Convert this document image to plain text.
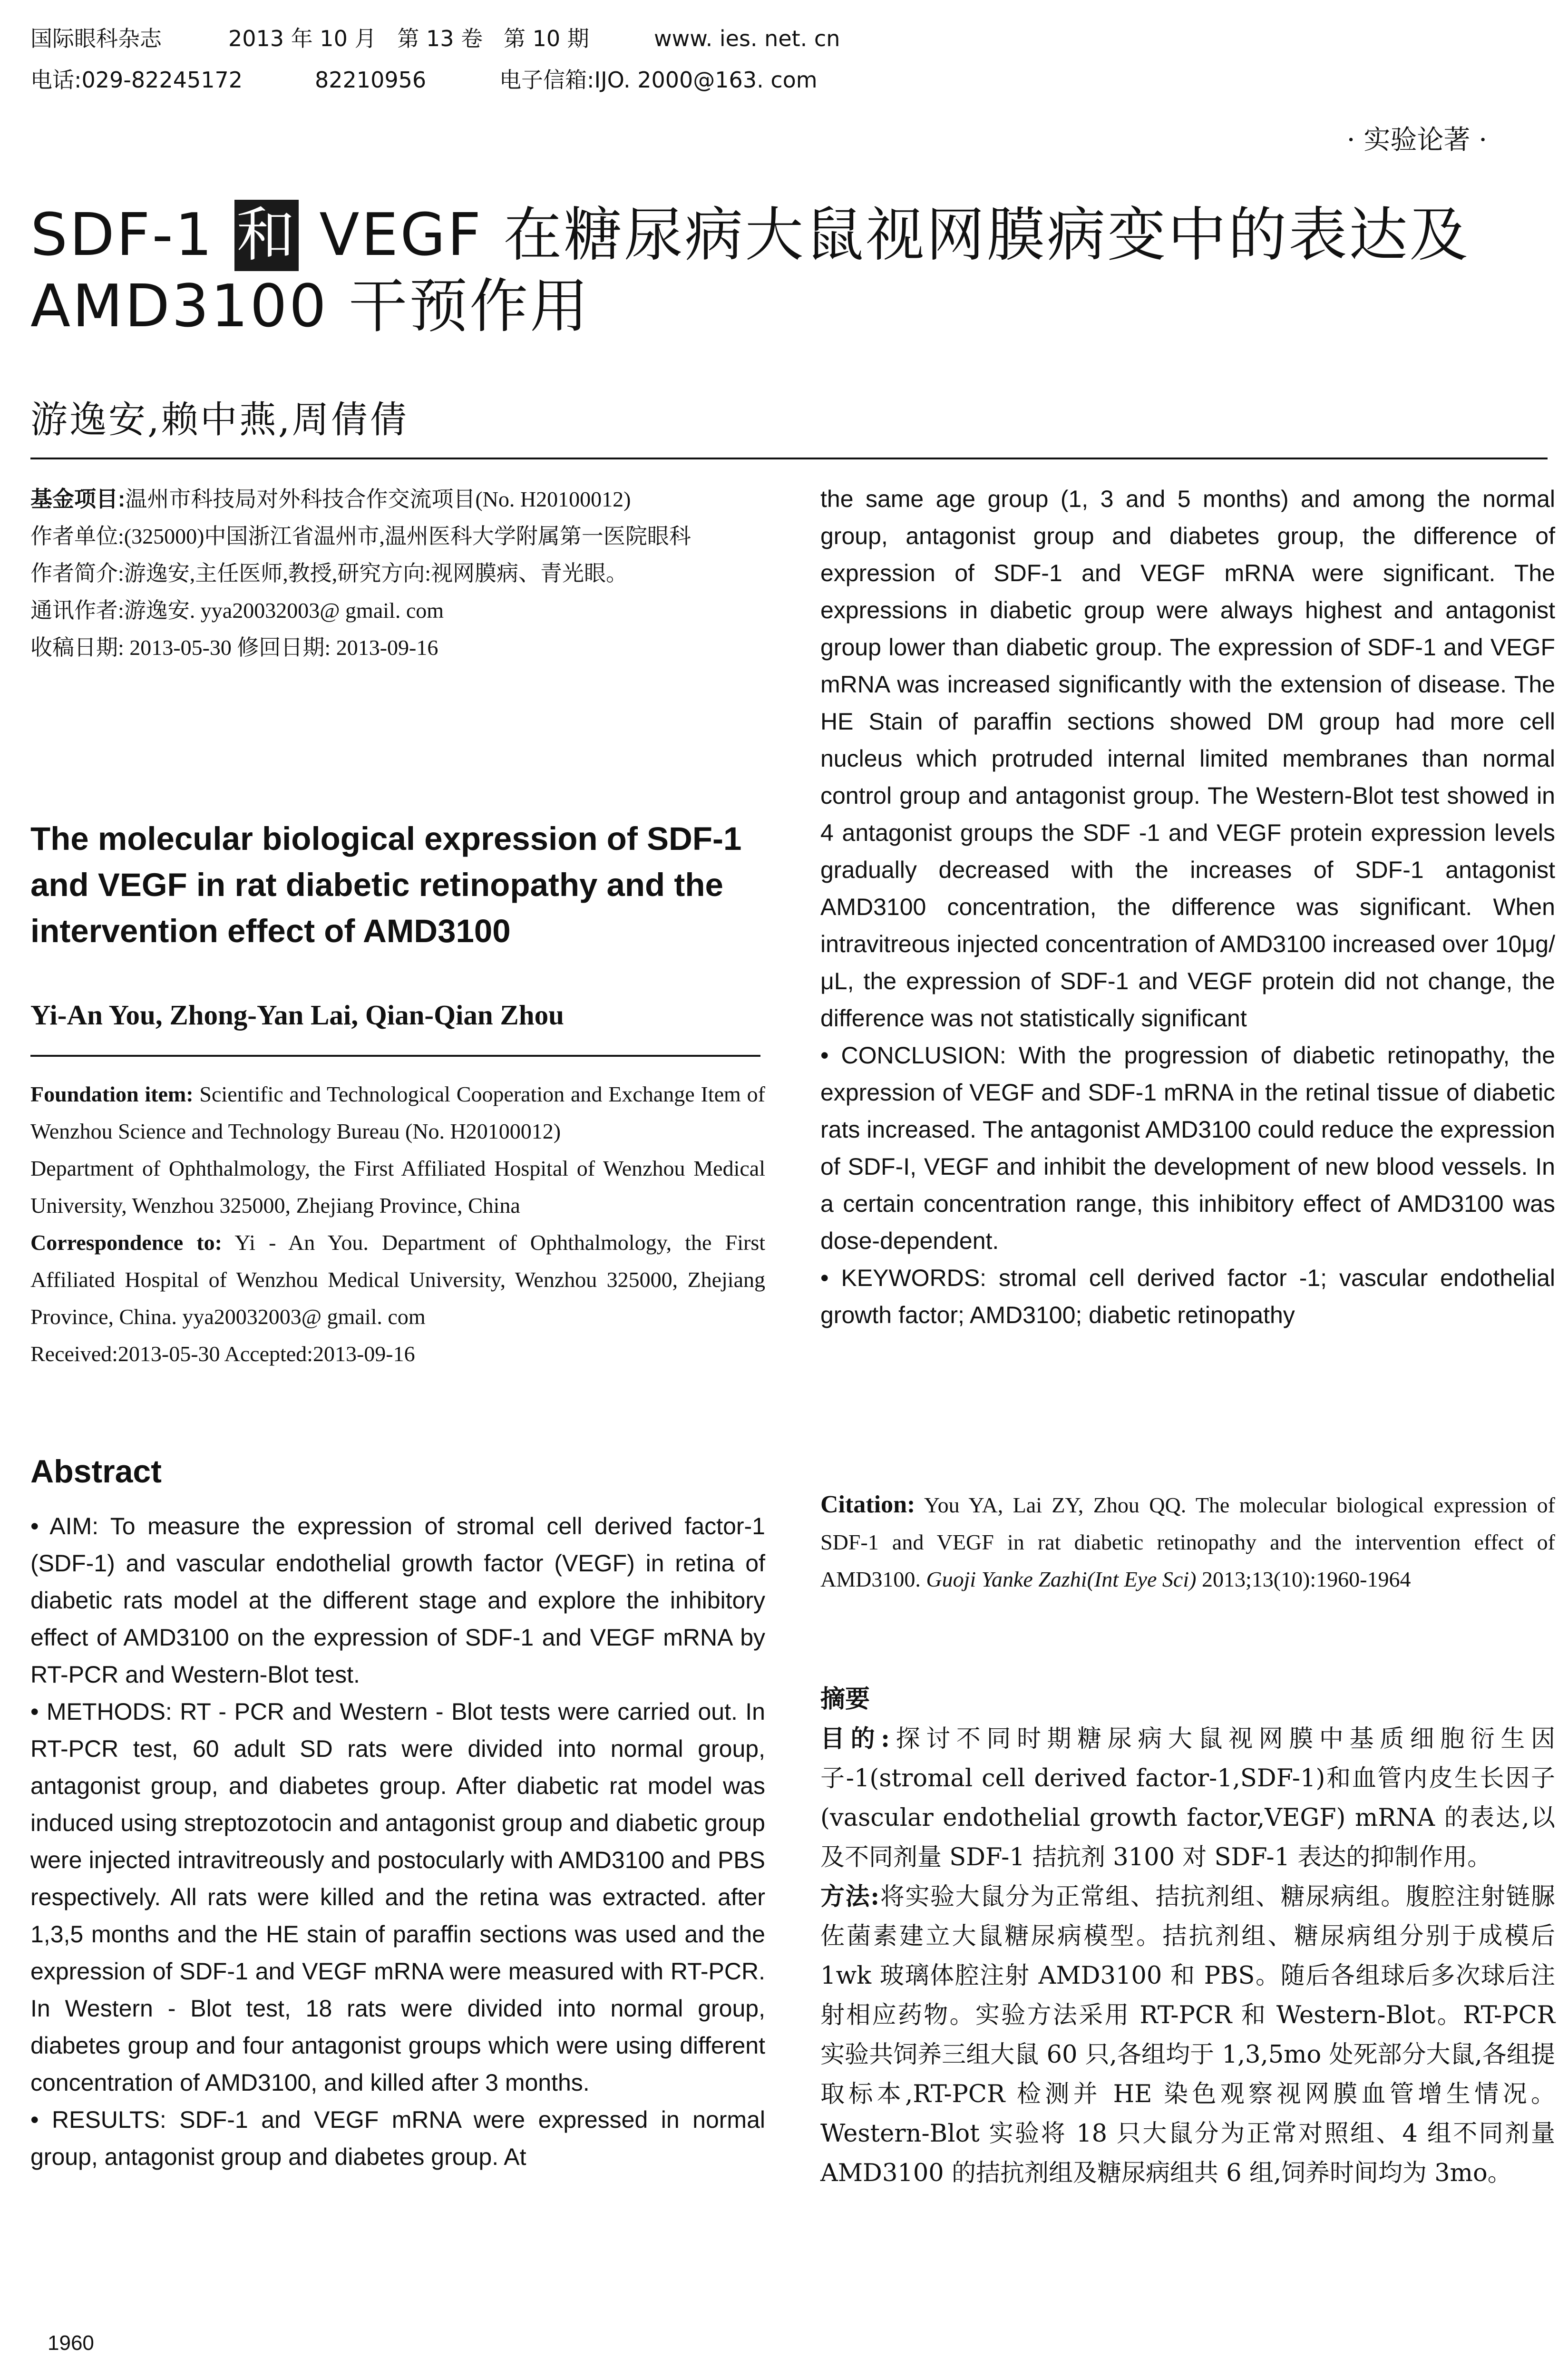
国际眼科杂志	2013 年 10 月   第 13 卷   第 10 期	www. ies. net. cn
电话:029-82245172	82210956	电子信箱:IJO. 2000@163. com
· 实验论著 ·
SDF-1 和 VEGF 在糖尿病大鼠视网膜病变中的表达及
AMD3100 干预作用
游逸安,赖中燕,周倩倩

基金项目:温州市科技局对外科技合作交流项目(No. H20100012)

作者单位:(325000)中国浙江省温州市,温州医科大学附属第一医院眼科

作者简介:游逸安,主任医师,教授,研究方向:视网膜病、青光眼。

通讯作者:游逸安. yya20032003@ gmail. com

收稿日期: 2013-05-30 修回日期: 2013-09-16

The molecular biological expression of SDF-1 and VEGF in rat diabetic retinopathy and the intervention effect of AMD3100
Yi-An You, Zhong-Yan Lai, Qian-Qian Zhou

Foundation item: Scientific and Technological Cooperation and Exchange Item of Wenzhou Science and Technology Bureau (No. H20100012)

Department of Ophthalmology, the First Affiliated Hospital of Wenzhou Medical University, Wenzhou 325000, Zhejiang Province, China

Correspondence to: Yi - An You. Department of Ophthalmology, the First Affiliated Hospital of Wenzhou Medical University, Wenzhou 325000, Zhejiang Province, China. yya20032003@ gmail. com

Received:2013-05-30 Accepted:2013-09-16

Abstract

• AIM: To measure the expression of stromal cell derived factor-1 (SDF-1) and vascular endothelial growth factor (VEGF) in retina of diabetic rats model at the different stage and explore the inhibitory effect of AMD3100 on the expression of SDF-1 and VEGF mRNA by RT-PCR and Western-Blot test.

• METHODS: RT - PCR and Western - Blot tests were carried out. In RT-PCR test, 60 adult SD rats were divided into normal group, antagonist group, and diabetes group. After diabetic rat model was induced using streptozotocin and antagonist group and diabetic group were injected intravitreously and postocularly with AMD3100 and PBS respectively. All rats were killed and the retina was extracted. after 1,3,5 months and the HE stain of paraffin sections was used and the expression of SDF-1 and VEGF mRNA were measured with RT-PCR. In Western - Blot test, 18 rats were divided into normal group, diabetes group and four antagonist groups which were using different concentration of AMD3100, and killed after 3 months.

• RESULTS: SDF-1 and VEGF mRNA were expressed in normal group, antagonist group and diabetes group. At

the same age group (1, 3 and 5 months) and among the normal group, antagonist group and diabetes group, the difference of expression of SDF-1 and VEGF mRNA were significant. The expressions in diabetic group were always highest and antagonist group lower than diabetic group. The expression of SDF-1 and VEGF mRNA was increased significantly with the extension of disease. The HE Stain of paraffin sections showed DM group had more cell nucleus which protruded internal limited membranes than normal control group and antagonist group. The Western-Blot test showed in 4 antagonist groups the SDF -1 and VEGF protein expression levels gradually decreased with the increases of SDF-1 antagonist AMD3100 concentration, the difference was significant. When intravitreous injected concentration of AMD3100 increased over 10μg/μL, the expression of SDF-1 and VEGF protein did not change, the difference was not statistically significant

• CONCLUSION: With the progression of diabetic retinopathy, the expression of VEGF and SDF-1 mRNA in the retinal tissue of diabetic rats increased. The antagonist AMD3100 could reduce the expression of SDF-I, VEGF and inhibit the development of new blood vessels. In a certain concentration range, this inhibitory effect of AMD3100 was dose-dependent.

• KEYWORDS: stromal cell derived factor -1; vascular endothelial growth factor; AMD3100; diabetic retinopathy

Citation: You YA, Lai ZY, Zhou QQ. The molecular biological expression of SDF-1 and VEGF in rat diabetic retinopathy and the intervention effect of AMD3100. Guoji Yanke Zazhi(Int Eye Sci) 2013;13(10):1960-1964

摘要

目的:探讨不同时期糖尿病大鼠视网膜中基质细胞衍生因子-1(stromal cell derived factor-1,SDF-1)和血管内皮生长因子(vascular endothelial growth factor,VEGF) mRNA 的表达,以及不同剂量 SDF-1 拮抗剂 3100 对 SDF-1 表达的抑制作用。

方法:将实验大鼠分为正常组、拮抗剂组、糖尿病组。腹腔注射链脲佐菌素建立大鼠糖尿病模型。拮抗剂组、糖尿病组分别于成模后 1wk 玻璃体腔注射 AMD3100 和 PBS。随后各组球后多次球后注射相应药物。实验方法采用 RT-PCR 和 Western-Blot。RT-PCR 实验共饲养三组大鼠 60 只,各组均于 1,3,5mo 处死部分大鼠,各组提取标本,RT-PCR 检测并 HE 染色观察视网膜血管增生情况。Western-Blot 实验将 18 只大鼠分为正常对照组、4 组不同剂量 AMD3100 的拮抗剂组及糖尿病组共 6 组,饲养时间均为 3mo。

1960
